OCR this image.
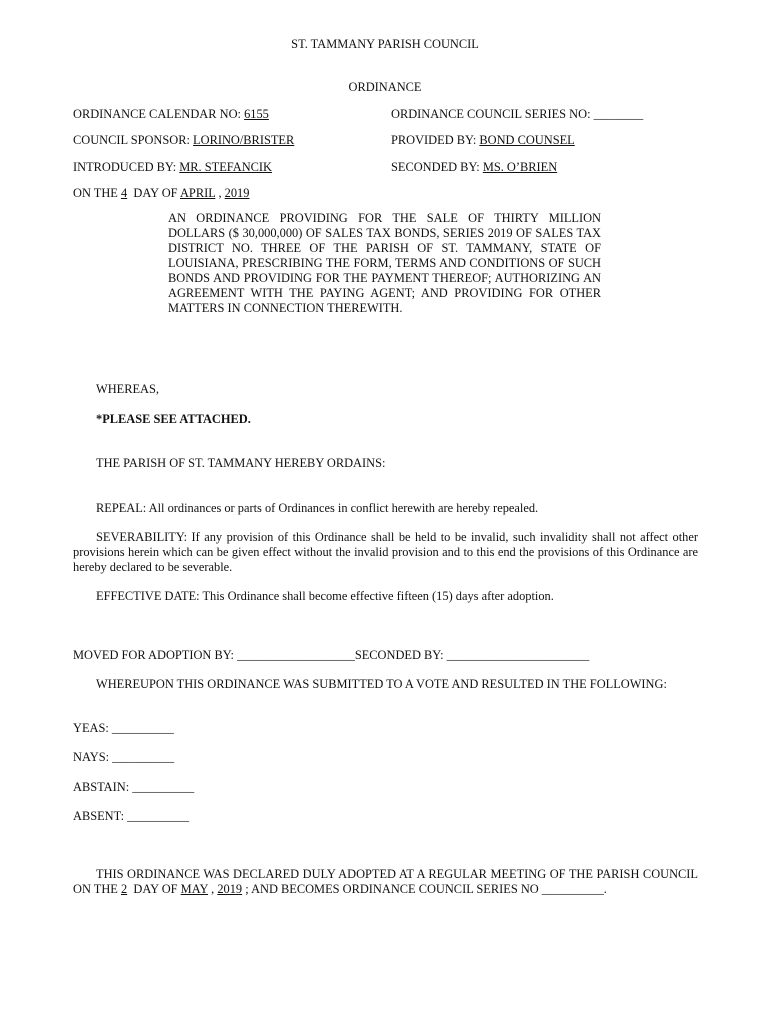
ST. TAMMANY PARISH COUNCIL
ORDINANCE
ORDINANCE CALENDAR NO: 6155	ORDINANCE COUNCIL SERIES NO: ________
COUNCIL SPONSOR: LORINO/BRISTER	PROVIDED BY: BOND COUNSEL
INTRODUCED BY: MR. STEFANCIK	SECONDED BY: MS. O’BRIEN
ON THE 4 DAY OF APRIL , 2019
AN ORDINANCE PROVIDING FOR THE SALE OF THIRTY MILLION DOLLARS ($ 30,000,000) OF SALES TAX BONDS, SERIES 2019 OF SALES TAX DISTRICT NO. THREE OF THE PARISH OF ST. TAMMANY, STATE OF LOUISIANA, PRESCRIBING THE FORM, TERMS AND CONDITIONS OF SUCH BONDS AND PROVIDING FOR THE PAYMENT THEREOF; AUTHORIZING AN AGREEMENT WITH THE PAYING AGENT; AND PROVIDING FOR OTHER MATTERS IN CONNECTION THEREWITH.
WHEREAS,
*PLEASE SEE ATTACHED.
THE PARISH OF ST. TAMMANY HEREBY ORDAINS:
REPEAL: All ordinances or parts of Ordinances in conflict herewith are hereby repealed.
SEVERABILITY: If any provision of this Ordinance shall be held to be invalid, such invalidity shall not affect other provisions herein which can be given effect without the invalid provision and to this end the provisions of this Ordinance are hereby declared to be severable.
EFFECTIVE DATE: This Ordinance shall become effective fifteen (15) days after adoption.
MOVED FOR ADOPTION BY: ___________________SECONDED BY: _______________________
WHEREUPON THIS ORDINANCE WAS SUBMITTED TO A VOTE AND RESULTED IN THE FOLLOWING:
YEAS: __________
NAYS: __________
ABSTAIN: __________
ABSENT: __________
THIS ORDINANCE WAS DECLARED DULY ADOPTED AT A REGULAR MEETING OF THE PARISH COUNCIL ON THE 2 DAY OF MAY , 2019 ; AND BECOMES ORDINANCE COUNCIL SERIES NO __________.
